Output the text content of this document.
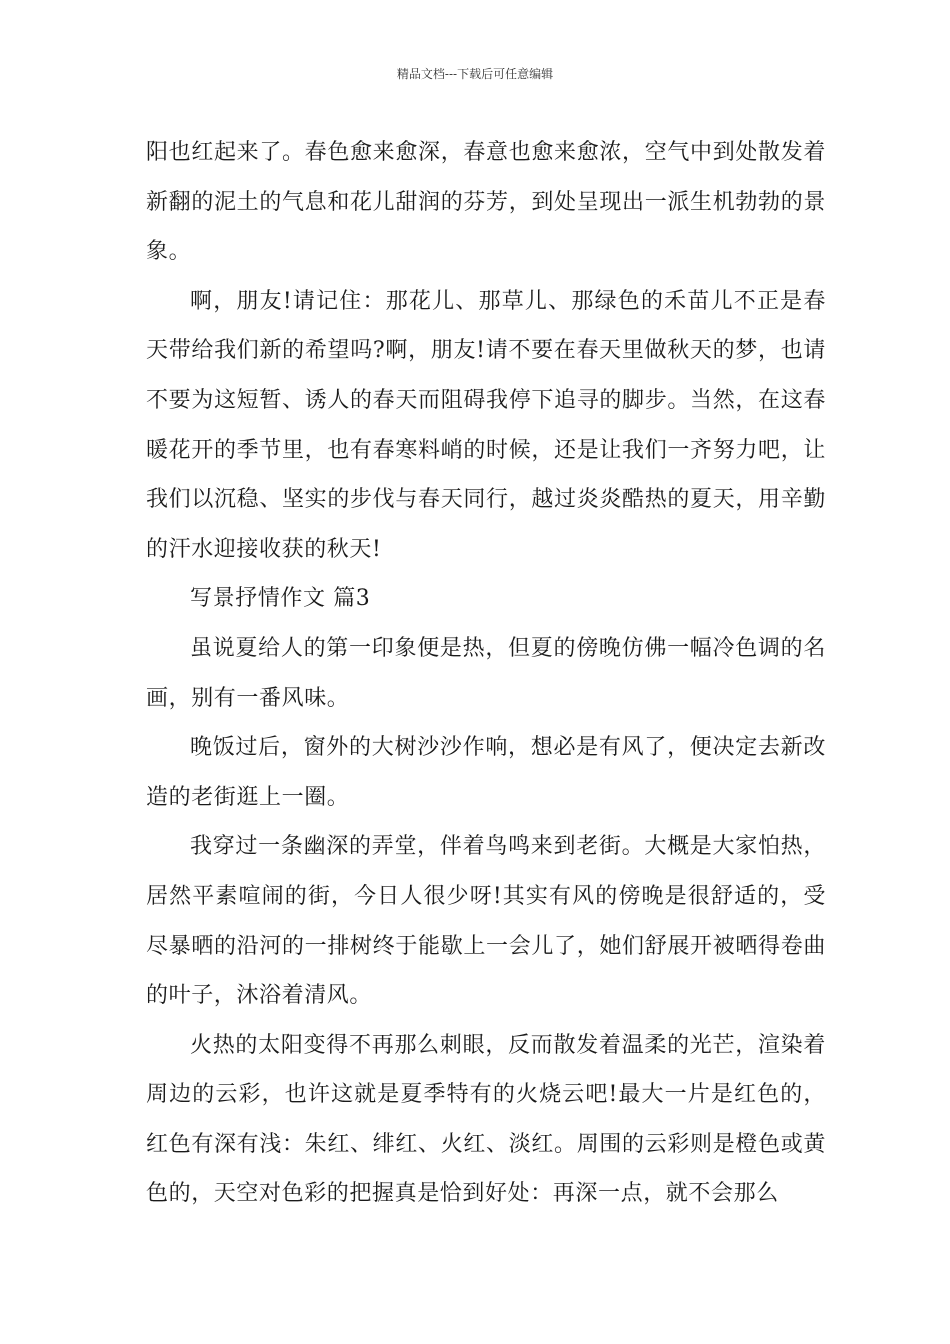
精品文档---下载后可任意编辑

阳也红起来了。春色愈来愈深，春意也愈来愈浓，空气中到处散发着新翻的泥土的气息和花儿甜润的芬芳，到处呈现出一派生机勃勃的景象。

啊，朋友!请记住：那花儿、那草儿、那绿色的禾苗儿不正是春天带给我们新的希望吗?啊，朋友!请不要在春天里做秋天的梦，也请不要为这短暂、诱人的春天而阻碍我停下追寻的脚步。当然，在这春暖花开的季节里，也有春寒料峭的时候，还是让我们一齐努力吧，让我们以沉稳、坚实的步伐与春天同行，越过炎炎酷热的夏天，用辛勤的汗水迎接收获的秋天!

写景抒情作文 篇3

虽说夏给人的第一印象便是热，但夏的傍晚仿佛一幅冷色调的名画，别有一番风味。

晚饭过后，窗外的大树沙沙作响，想必是有风了，便决定去新改造的老街逛上一圈。

我穿过一条幽深的弄堂，伴着鸟鸣来到老街。大概是大家怕热，居然平素喧闹的街，今日人很少呀!其实有风的傍晚是很舒适的，受尽暴晒的沿河的一排树终于能歇上一会儿了，她们舒展开被晒得卷曲的叶子，沐浴着清风。

火热的太阳变得不再那么刺眼，反而散发着温柔的光芒，渲染着周边的云彩，也许这就是夏季特有的火烧云吧!最大一片是红色的，红色有深有浅：朱红、绯红、火红、淡红。周围的云彩则是橙色或黄色的，天空对色彩的把握真是恰到好处：再深一点，就不会那么
